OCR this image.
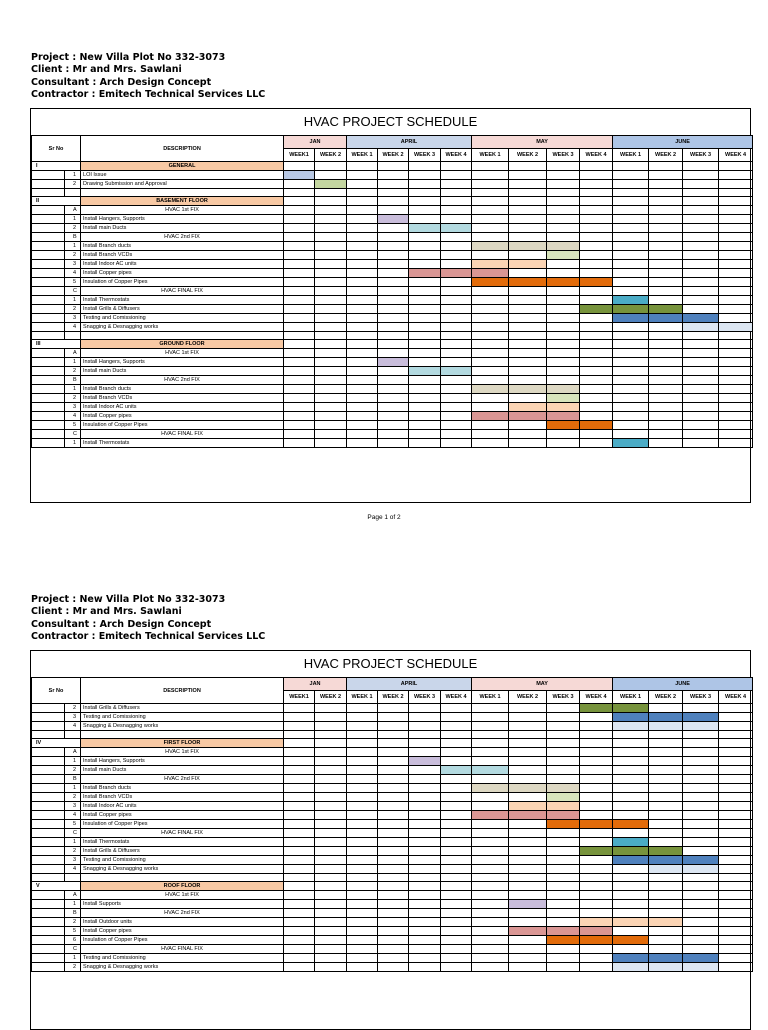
Project : New Villa Plot No 332-3073
Client : Mr and Mrs. Sawlani
Consultant : Arch Design Concept
Contractor : Emitech Technical Services LLC
HVAC PROJECT SCHEDULE
Sr No		DESCRIPTION	JAN		APRIL				MAY				JUNE			
			WEEK1	WEEK 2	WEEK 1	WEEK 2	WEEK 3	WEEK 4	WEEK 1	WEEK 2	WEEK 3	WEEK 4	WEEK 1	WEEK 2	WEEK 3	WEEK 4
I		GENERAL														
	1	LOI Issue														
	2	Drawing Submission and Approval														

II		BASEMENT FLOOR														
	A	HVAC 1st FIX														
	1	Install Hangers, Supports														
	2	Install main Ducts														
	B	HVAC 2nd FIX														
	1	Install Branch ducts														
	2	Install Branch VCDs														
	3	Install Indoor AC units														
	4	Install Copper pipes														
	5	Insulation of Copper Pipes														
	C	HVAC FINAL FIX														
	1	Install Thermostats														
	2	Install Grills & Diffusers														
	3	Testing and Comissioning														
	4	Snagging & Desnagging works														

III		GROUND FLOOR														
	A	HVAC 1st FIX														
	1	Install Hangers, Supports														
	2	Install main Ducts														
	B	HVAC 2nd FIX														
	1	Install Branch ducts														
	2	Install Branch VCDs														
	3	Install Indoor AC units														
	4	Install Copper pipes														
	5	Insulation of Copper Pipes														
	C	HVAC FINAL FIX														
	1	Install Thermostats														
Page 1 of 2
Project : New Villa Plot No 332-3073
Client : Mr and Mrs. Sawlani
Consultant : Arch Design Concept
Contractor : Emitech Technical Services LLC
HVAC PROJECT SCHEDULE
Sr No		DESCRIPTION	JAN		APRIL				MAY				JUNE			
			WEEK1	WEEK 2	WEEK 1	WEEK 2	WEEK 3	WEEK 4	WEEK 1	WEEK 2	WEEK 3	WEEK 4	WEEK 1	WEEK 2	WEEK 3	WEEK 4
	2	Install Grills & Diffusers														
	3	Testing and Comissioning														
	4	Snagging & Desnagging works														

IV		FIRST FLOOR														
	A	HVAC 1st FIX														
	1	Install Hangers, Supports														
	2	Install main Ducts														
	B	HVAC 2nd FIX														
	1	Install Branch ducts														
	2	Install Branch VCDs														
	3	Install Indoor AC units														
	4	Install Copper pipes														
	5	Insulation of Copper Pipes														
	C	HVAC FINAL FIX														
	1	Install Thermostats														
	2	Install Grills & Diffusers														
	3	Testing and Comissioning														
	4	Snagging & Desnagging works														

V		ROOF FLOOR														
	A	HVAC 1st FIX														
	1	Install Supports														
	B	HVAC 2nd FIX														
	2	Install Outdoor units														
	5	Install Copper pipes														
	6	Insulation of Copper Pipes														
	C	HVAC FINAL FIX														
	1	Testing and Comissioning														
	2	Snagging & Desnagging works														
